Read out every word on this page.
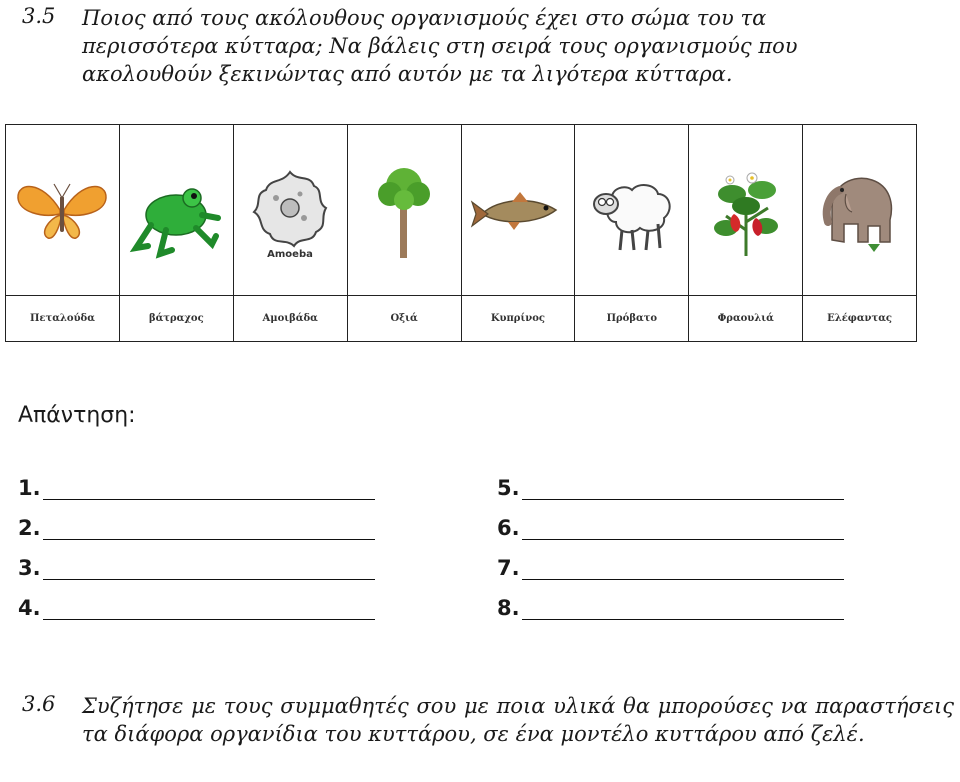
3.5 Ποιος από τους ακόλουθους οργανισμούς έχει στο σώμα του τα περισσότερα κύτταρα; Να βάλεις στη σειρά τους οργανισμούς που ακολουθούν ξεκινώντας από αυτόν με τα λιγότερα κύτταρα.

Amoeba

Πεταλούδα	βάτραχος	Αμοιβάδα	Οξιά	Κυπρίνος	Πρόβατο	Φραουλιά	Ελέφαντας
Απάντηση:
1.
2.
3.
4.
5.
6.
7.
8.
3.6 Συζήτησε με τους συμμαθητές σου με ποια υλικά θα μπορούσες να παραστήσεις τα διάφορα οργανίδια του κυττάρου, σε ένα μοντέλο κυττάρου από ζελέ.
